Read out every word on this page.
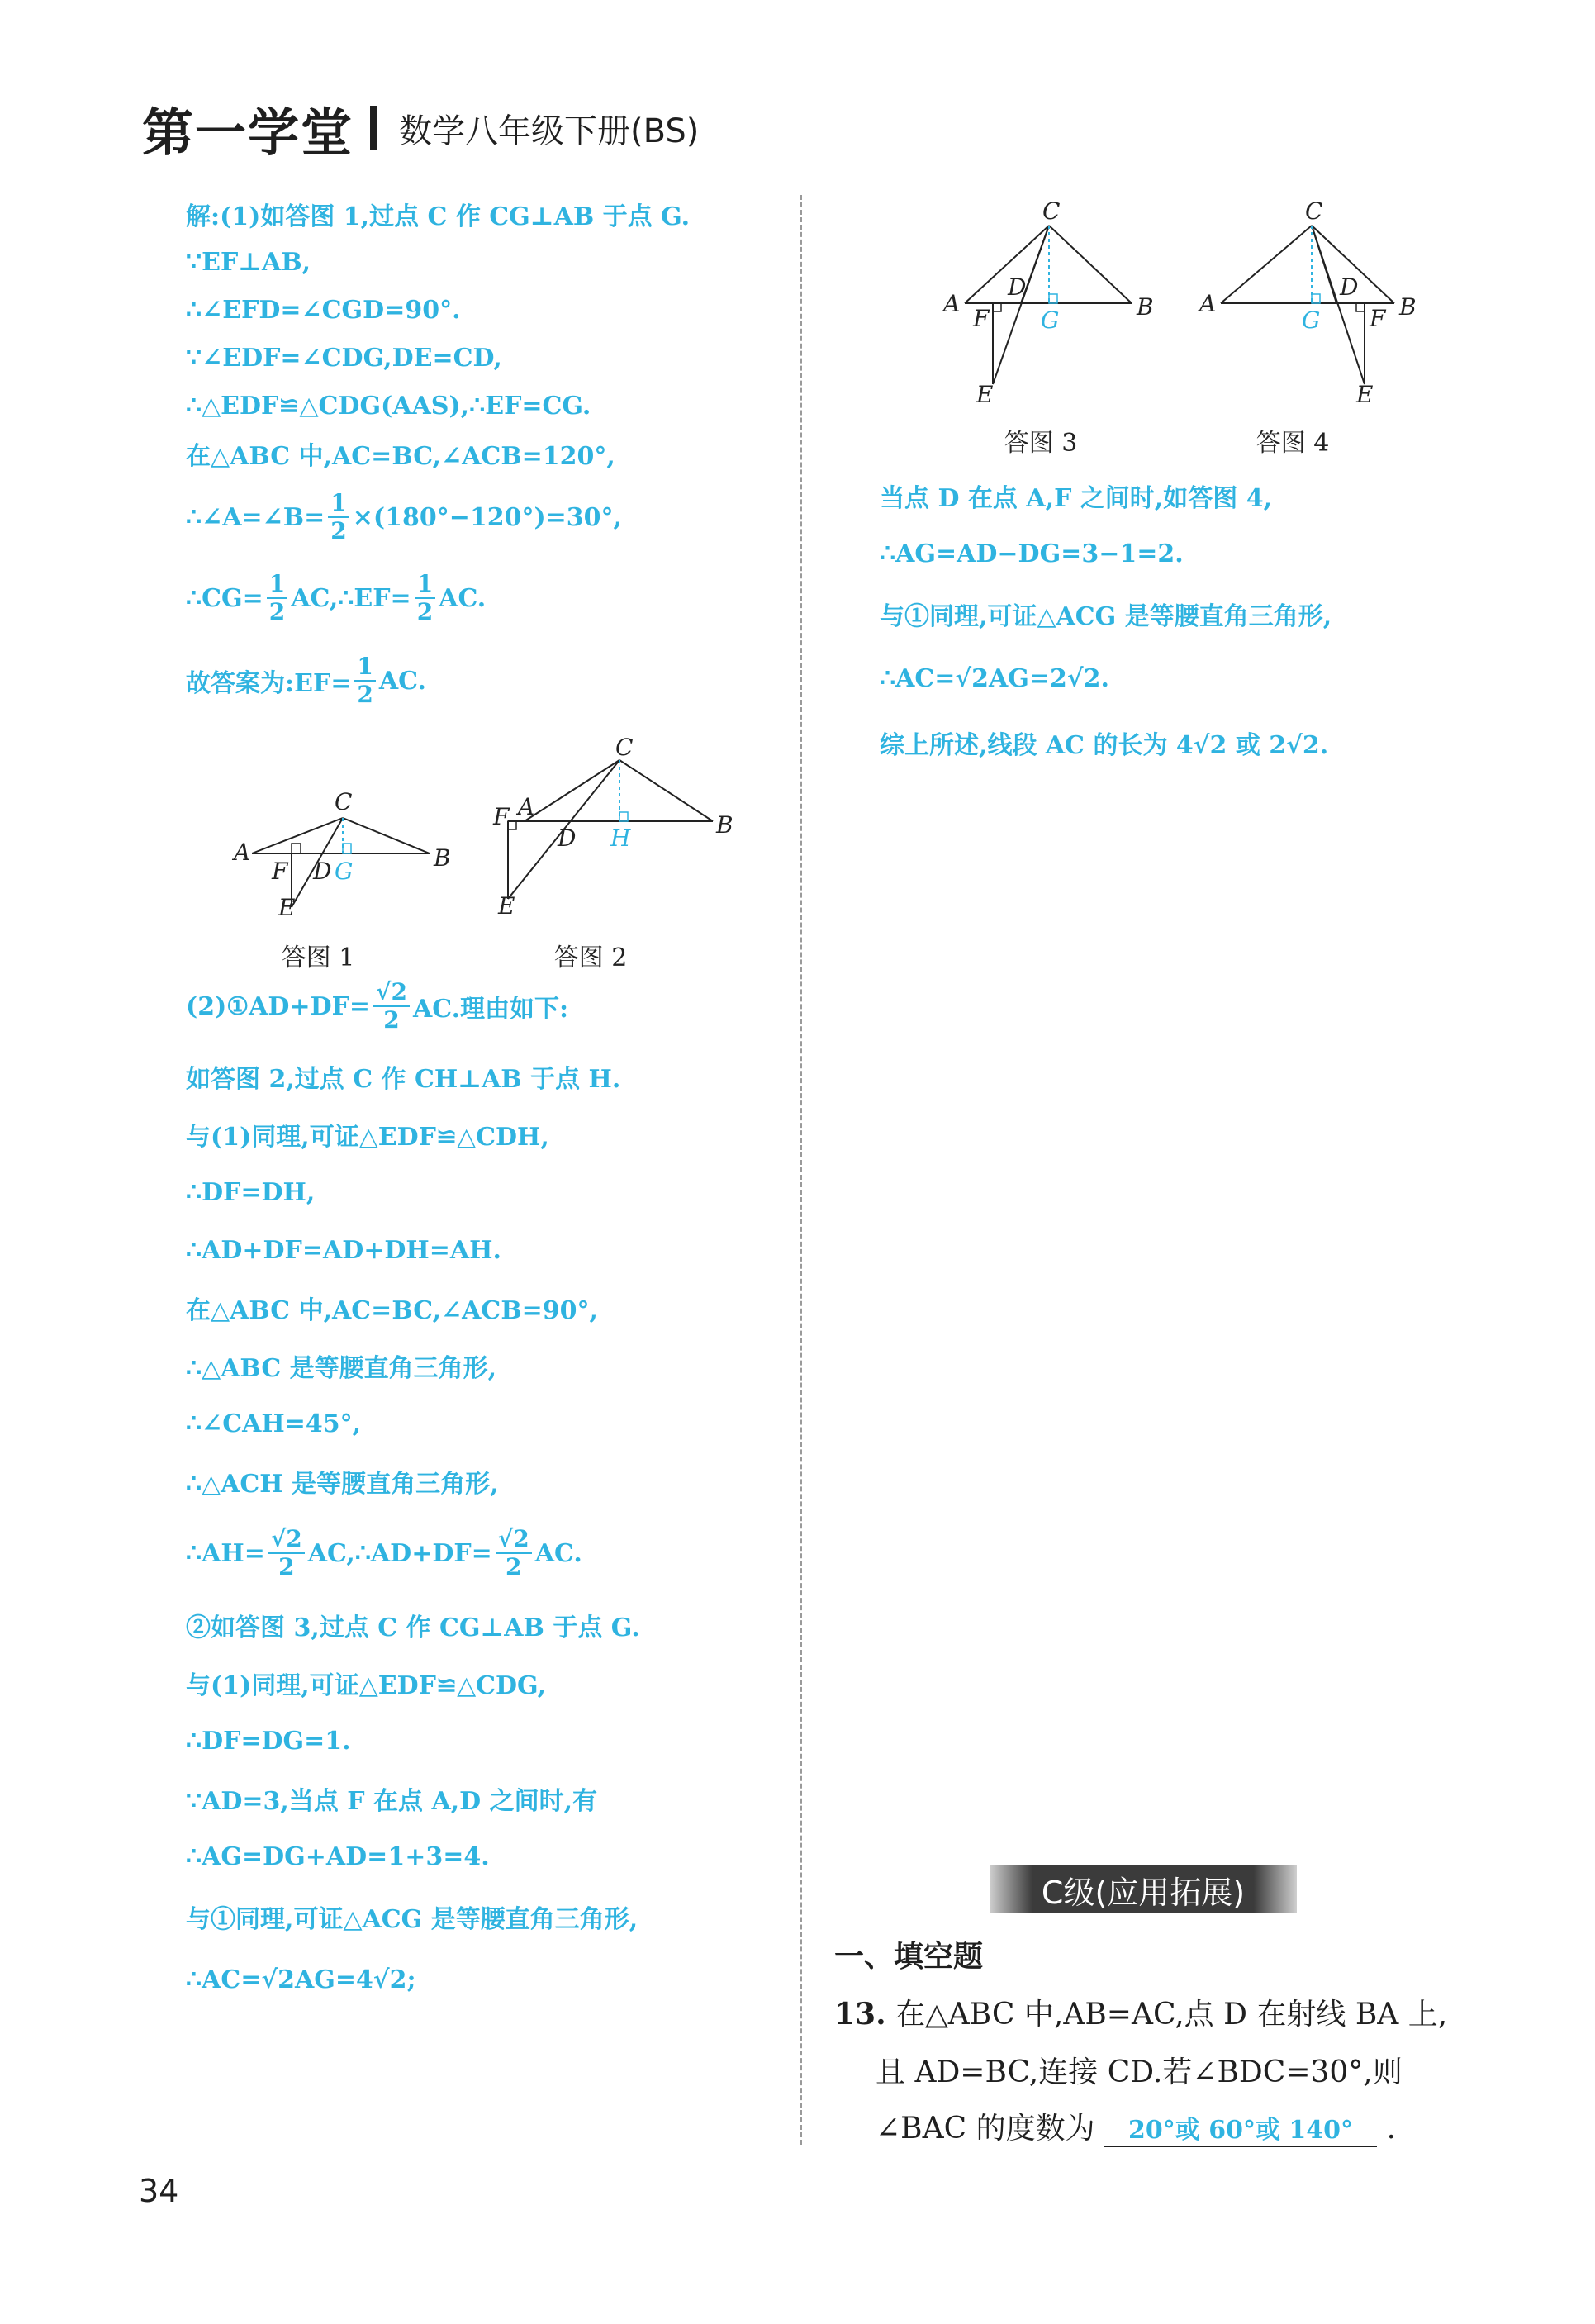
第一学堂 数学八年级下册(BS)
解:(1)如答图 1,过点 C 作 CG⊥AB 于点 G.
∵EF⊥AB,
∴∠EFD=∠CGD=90°.
∵∠EDF=∠CDG,DE=CD,
∴△EDF≌△CDG(AAS),∴EF=CG.
在△ABC 中,AC=BC,∠ACB=120°,
∴∠A=∠B= $\frac{1}{2} \times(180^\circ-120^\circ)=30^\circ$,
∴CG= $\frac{1}{2}$ AC,∴EF= $\frac{1}{2}$ AC.
故答案为:EF= $\frac{1}{2}$ AC.
C
A	B
F D G
E
答图 1
C
F A
B
D H
E
答图 2
(2)①AD+DF= $\frac{√2}{2}$ AC.理由如下:
如答图 2,过点 C 作 CH⊥AB 于点 H.
与(1)同理,可证△EDF≌△CDH,
∴DF=DH,
∴AD+DF=AD+DH=AH.
在△ABC 中,AC=BC,∠ACB=90°,
∴△ABC 是等腰直角三角形,
∴∠CAH=45°,
∴△ACH 是等腰直角三角形,
∴AH= $\frac{√2}{2}$ AC,∴AD+DF= $\frac{√2}{2}$ AC.
②如答图 3,过点 C 作 CG⊥AB 于点 G.
与(1)同理,可证△EDF≌△CDG,
∴DF=DG=1.
∵AD=3,当点 F 在点 A,D 之间时,有
∴AG=DG+AD=1+3=4.
与①同理,可证△ACG 是等腰直角三角形,
∴AC=√2AG=4√2;
C
A	B
D
F G
E
答图 3
C
A	B
D
F
G
E
答图 4
当点 D 在点 A,F 之间时,如答图 4,
∴AG=AD−DG=3−1=2.
与①同理,可证△ACG 是等腰直角三角形,
∴AC=√2AG=2√2.
综上所述,线段 AC 的长为 4√2 或 2√2.
C级(应用拓展)
一、填空题
13. 在△ABC 中,AB=AC,点 D 在射线 BA 上,
且 AD=BC,连接 CD.若∠BDC=30°,则
∠BAC 的度数为 20°或 60°或 140° .
34
